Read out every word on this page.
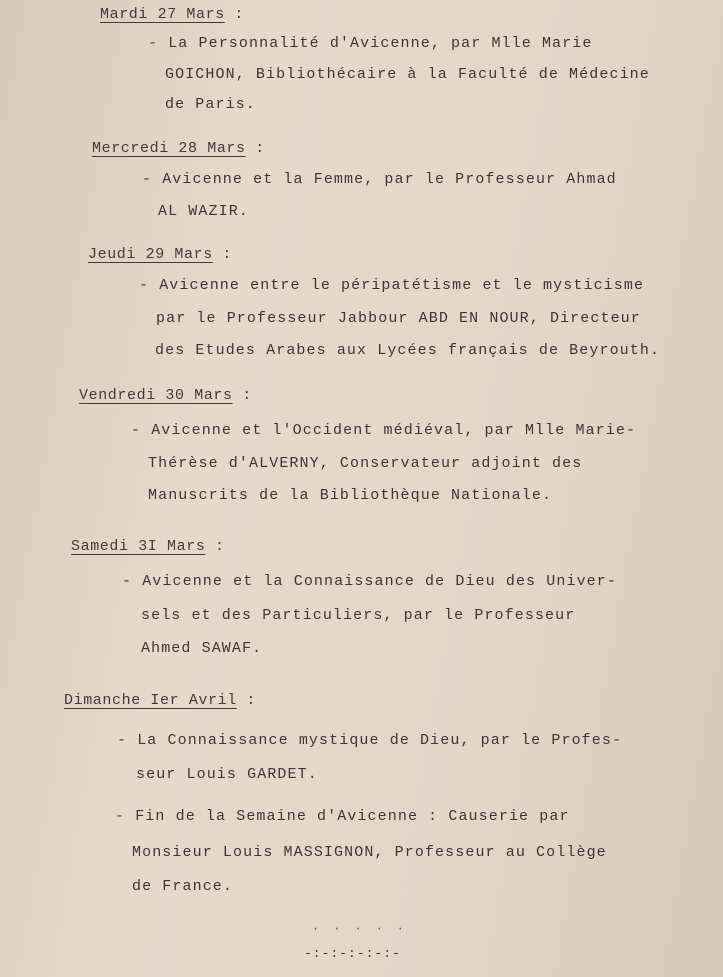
Mardi 27 Mars :
- La Personnalité d'Avicenne, par Mlle Marie
GOICHON, Bibliothécaire à la Faculté de Médecine
de Paris.
Mercredi 28 Mars :
- Avicenne et la Femme, par le Professeur Ahmad
AL WAZIR.
Jeudi 29 Mars :
- Avicenne entre le péripatétisme et le mysticisme
par le Professeur Jabbour ABD EN NOUR, Directeur
des Etudes Arabes aux Lycées français de Beyrouth.
Vendredi 30 Mars :
- Avicenne et l'Occident médiéval, par Mlle Marie-
Thérèse d'ALVERNY, Conservateur adjoint des
Manuscrits de la Bibliothèque Nationale.
Samedi 3I Mars :
- Avicenne et la Connaissance de Dieu des Univer-
sels et des Particuliers, par le Professeur
Ahmed SAWAF.
Dimanche Ier Avril :
- La Connaissance mystique de Dieu, par le Profes-
seur Louis GARDET.
- Fin de la Semaine d'Avicenne : Causerie par
Monsieur Louis MASSIGNON, Professeur au Collège
de France.
·····
-:-:-:-:-:-
